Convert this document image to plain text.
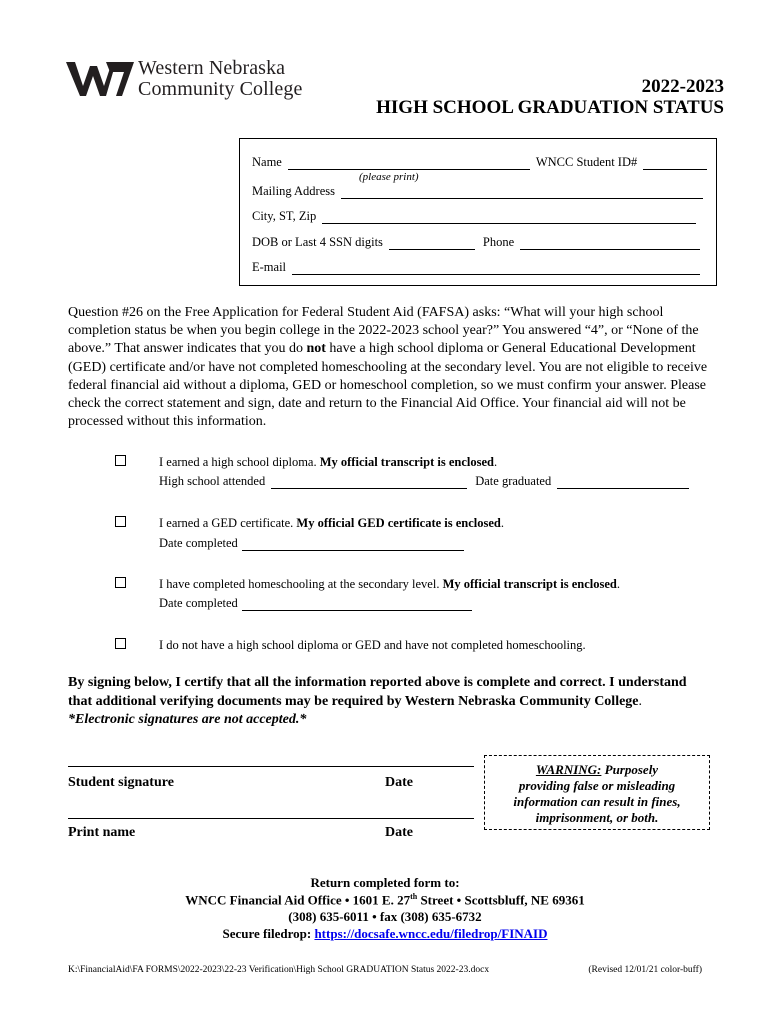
Western Nebraska
Community College	2022-2023
HIGH SCHOOL GRADUATION STATUS
Name	WNCC Student ID#
(please print)
Mailing Address
City, ST, Zip
DOB or Last 4 SSN digits	Phone
E-mail
Question #26 on the Free Application for Federal Student Aid (FAFSA) asks: “What will your high school completion status be when you begin college in the 2022-2023 school year?” You answered “4”, or “None of the above.” That answer indicates that you do not have a high school diploma or General Educational Development (GED) certificate and/or have not completed homeschooling at the secondary level. You are not eligible to receive federal financial aid without a diploma, GED or homeschool completion, so we must confirm your answer. Please check the correct statement and sign, date and return to the Financial Aid Office. Your financial aid will not be processed without this information.
I earned a high school diploma. My official transcript is enclosed.
High school attended	Date graduated
I earned a GED certificate. My official GED certificate is enclosed.
Date completed
I have completed homeschooling at the secondary level. My official transcript is enclosed.
Date completed
I do not have a high school diploma or GED and have not completed homeschooling.
By signing below, I certify that all the information reported above is complete and correct. I understand that additional verifying documents may be required by Western Nebraska Community College. *Electronic signatures are not accepted.*
Student signature	Date
Print name	Date
WARNING: Purposely
providing false or misleading
information can result in fines,
imprisonment, or both.
Return completed form to:
WNCC Financial Aid Office • 1601 E. 27th Street • Scottsbluff, NE 69361
(308) 635-6011 • fax (308) 635-6732
Secure filedrop: https://docsafe.wncc.edu/filedrop/FINAID
K:\FinancialAid\FA FORMS\2022-2023\22-23 Verification\High School GRADUATION Status 2022-23.docx	(Revised 12/01/21 color-buff)
